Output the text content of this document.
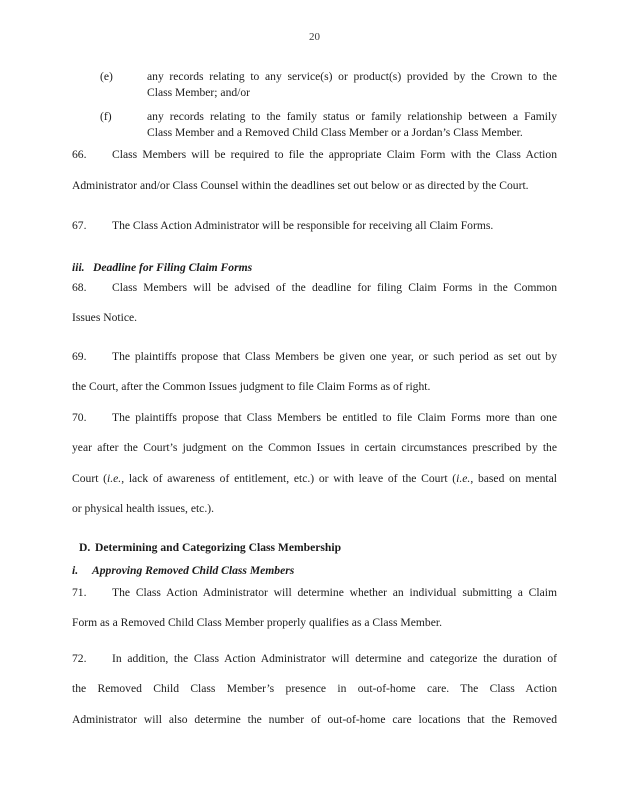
20
(e)	any records relating to any service(s) or product(s) provided by the Crown to the
Class Member; and/or
(f)	any records relating to the family status or family relationship between a Family
Class Member and a Removed Child Class Member or a Jordan’s Class Member.
66. Class Members will be required to file the appropriate Claim Form with the Class Action
Administrator and/or Class Counsel within the deadlines set out below or as directed by the Court.
67. The Class Action Administrator will be responsible for receiving all Claim Forms.
iii. Deadline for Filing Claim Forms
68. Class Members will be advised of the deadline for filing Claim Forms in the Common
Issues Notice.
69. The plaintiffs propose that Class Members be given one year, or such period as set out by
the Court, after the Common Issues judgment to file Claim Forms as of right.
70. The plaintiffs propose that Class Members be entitled to file Claim Forms more than one
year after the Court’s judgment on the Common Issues in certain circumstances prescribed by the
Court (i.e., lack of awareness of entitlement, etc.) or with leave of the Court (i.e., based on mental
or physical health issues, etc.).
D. Determining and Categorizing Class Membership
i. Approving Removed Child Class Members
71. The Class Action Administrator will determine whether an individual submitting a Claim
Form as a Removed Child Class Member properly qualifies as a Class Member.
72. In addition, the Class Action Administrator will determine and categorize the duration of
the Removed Child Class Member’s presence in out-of-home care. The Class Action
Administrator will also determine the number of out-of-home care locations that the Removed
